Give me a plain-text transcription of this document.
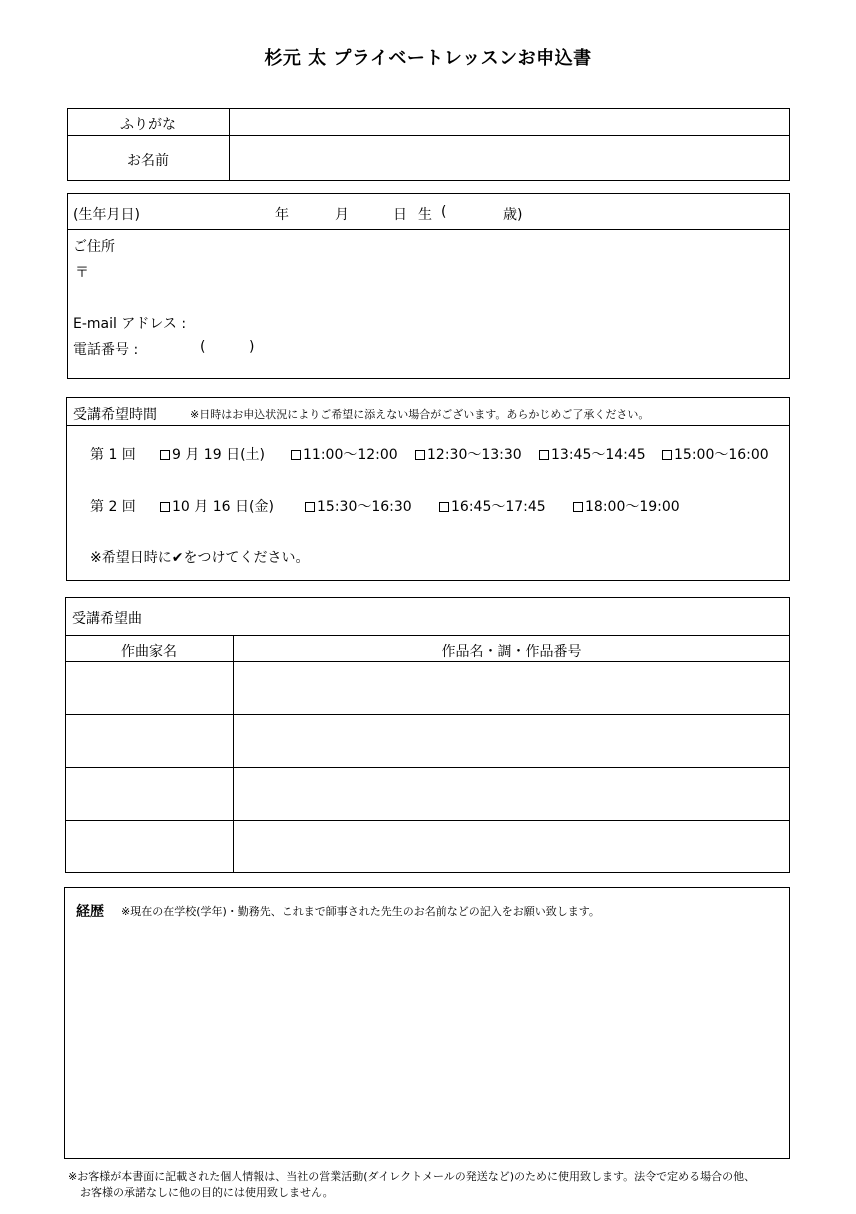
杉元 太 プライベートレッスンお申込書
ふりがな
お名前
(生年月日)	年	月	日 生 (	歳)
ご住所
〒
E-mail アドレス :
電話番号 :	(	)
受講希望時間	※日時はお申込状況によりご希望に添えない場合がございます。あらかじめご了承ください。
第 1 回	9 月 19 日(土)	11:00〜12:00	12:30〜13:30	13:45〜14:45	15:00〜16:00
第 2 回	10 月 16 日(金)	15:30〜16:30	16:45〜17:45	18:00〜19:00
※希望日時に✔をつけてください。
受講希望曲
作曲家名	作品名・調・作品番号
経歴 ※現在の在学校(学年)・勤務先、これまで師事された先生のお名前などの記入をお願い致します。
※お客様が本書面に記載された個人情報は、当社の営業活動(ダイレクトメールの発送など)のために使用致します。法令で定める場合の他、
お客様の承諾なしに他の目的には使用致しません。
